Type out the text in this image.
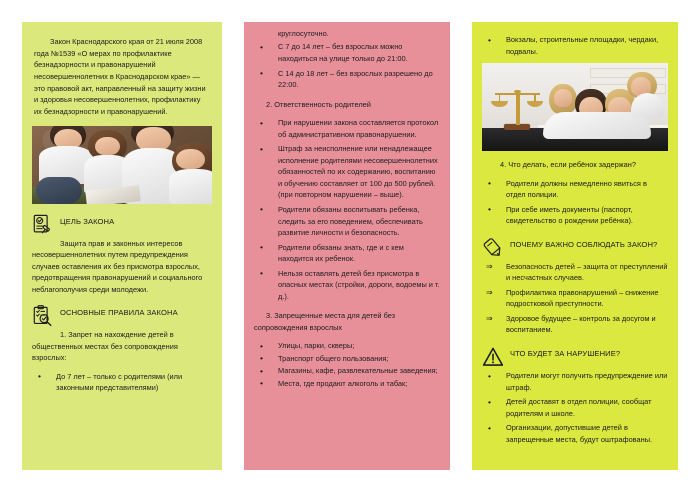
Закон Краснодарского края от 21 июля 2008 года №1539 «О мерах по профилактике безнадзорности и правонарушений несовершеннолетних в Краснодарском крае» — это правовой акт, направленный на защиту жизни и здоровья несовершеннолетних, профилактику их безнадзорности и правонарушений.
ЦЕЛЬ ЗАКОНА
Защита прав и законных интересов несовершеннолетних путем предупреждения случаев оставления их без присмотра взрослых, предотвращения правонарушений и социального неблагополучия среди молодежи.
ОСНОВНЫЕ ПРАВИЛА ЗАКОНА
1. Запрет на нахождение детей в общественных местах без сопровождения взрослых:
• До 7 лет – только с родителями (или законными представителями)
круглосуточно.
• С 7 до 14 лет – без взрослых можно находиться на улице только до 21:00.
• С 14 до 18 лет – без взрослых разрешено до 22:00.
2. Ответственность родителей
• При нарушении закона составляется протокол об административном правонарушении.
• Штраф за неисполнение или ненадлежащее исполнение родителями несовершеннолетних обязанностей по их содержанию, воспитанию и обучению составляет от 100 до 500 рублей. (при повторном нарушении – выше).
• Родители обязаны воспитывать ребенка, следить за его поведением, обеспечивать развитие личности и безопасность.
• Родители обязаны знать, где и с кем находится их ребенок.
• Нельзя оставлять детей без присмотра в опасных местах (стройки, дороги, водоемы и т. д.).
3. Запрещенные места для детей без сопровождения взрослых
• Улицы, парки, скверы;
• Транспорт общего пользования;
• Магазины, кафе, развлекательные заведения;
• Места, где продают алкоголь и табак;
• Вокзалы, строительные площадки, чердаки, подвалы.
4. Что делать, если ребёнок задержан?
• Родители должны немедленно явиться в отдел полиции.
• При себе иметь документы (паспорт, свидетельство о рождении ребёнка).
ПОЧЕМУ ВАЖНО СОБЛЮДАТЬ ЗАКОН?
⇒ Безопасность детей – защита от преступлений и несчастных случаев.
⇒ Профилактика правонарушений – снижение подростковой преступности.
⇒ Здоровое будущее – контроль за досугом и воспитанием.
ЧТО БУДЕТ ЗА НАРУШЕНИЕ?
• Родители могут получить предупреждение или штраф.
• Детей доставят в отдел полиции, сообщат родителям и школе.
• Организации, допустившие детей в запрещенные места, будут оштрафованы.
